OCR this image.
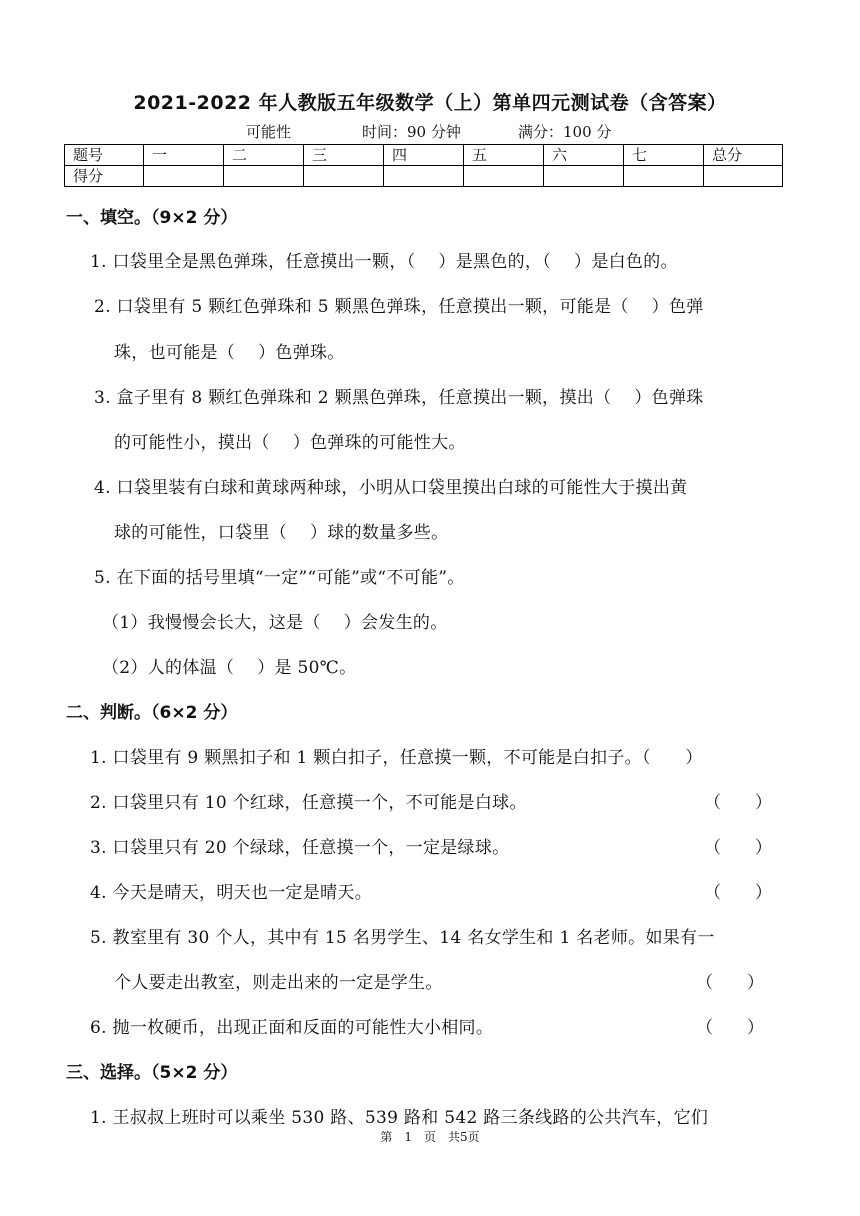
2021-2022 年人教版五年级数学（上）第单四元测试卷（含答案）
可能性	时间：90 分钟	满分：100 分
题号	一	二	三	四	五	六	七	总分
得分								
一、填空。（9×2 分）
1. 口袋里全是黑色弹珠，任意摸出一颗，（　 ）是黑色的，（　 ）是白色的。
2. 口袋里有 5 颗红色弹珠和 5 颗黑色弹珠，任意摸出一颗，可能是（　 ）色弹
珠，也可能是（　 ）色弹珠。
3. 盒子里有 8 颗红色弹珠和 2 颗黑色弹珠，任意摸出一颗，摸出（　 ）色弹珠
的可能性小，摸出（　 ）色弹珠的可能性大。
4. 口袋里装有白球和黄球两种球，小明从口袋里摸出白球的可能性大于摸出黄
球的可能性，口袋里（　 ）球的数量多些。
5. 在下面的括号里填“一定”“可能”或“不可能”。
（1）我慢慢会长大，这是（　 ）会发生的。
（2）人的体温（　 ）是 50℃。
二、判断。（6×2 分）
1. 口袋里有 9 颗黑扣子和 1 颗白扣子，任意摸一颗，不可能是白扣子。（　　）
2. 口袋里只有 10 个红球，任意摸一个，不可能是白球。	（　　）
3. 口袋里只有 20 个绿球，任意摸一个，一定是绿球。	（　　）
4. 今天是晴天，明天也一定是晴天。	（　　）
5. 教室里有 30 个人，其中有 15 名男学生、14 名女学生和 1 名老师。如果有一
个人要走出教室，则走出来的一定是学生。	（　　）
6. 抛一枚硬币，出现正面和反面的可能性大小相同。	（　　）
三、选择。（5×2 分）
1. 王叔叔上班时可以乘坐 530 路、539 路和 542 路三条线路的公共汽车，它们
第　1　页　共5页
